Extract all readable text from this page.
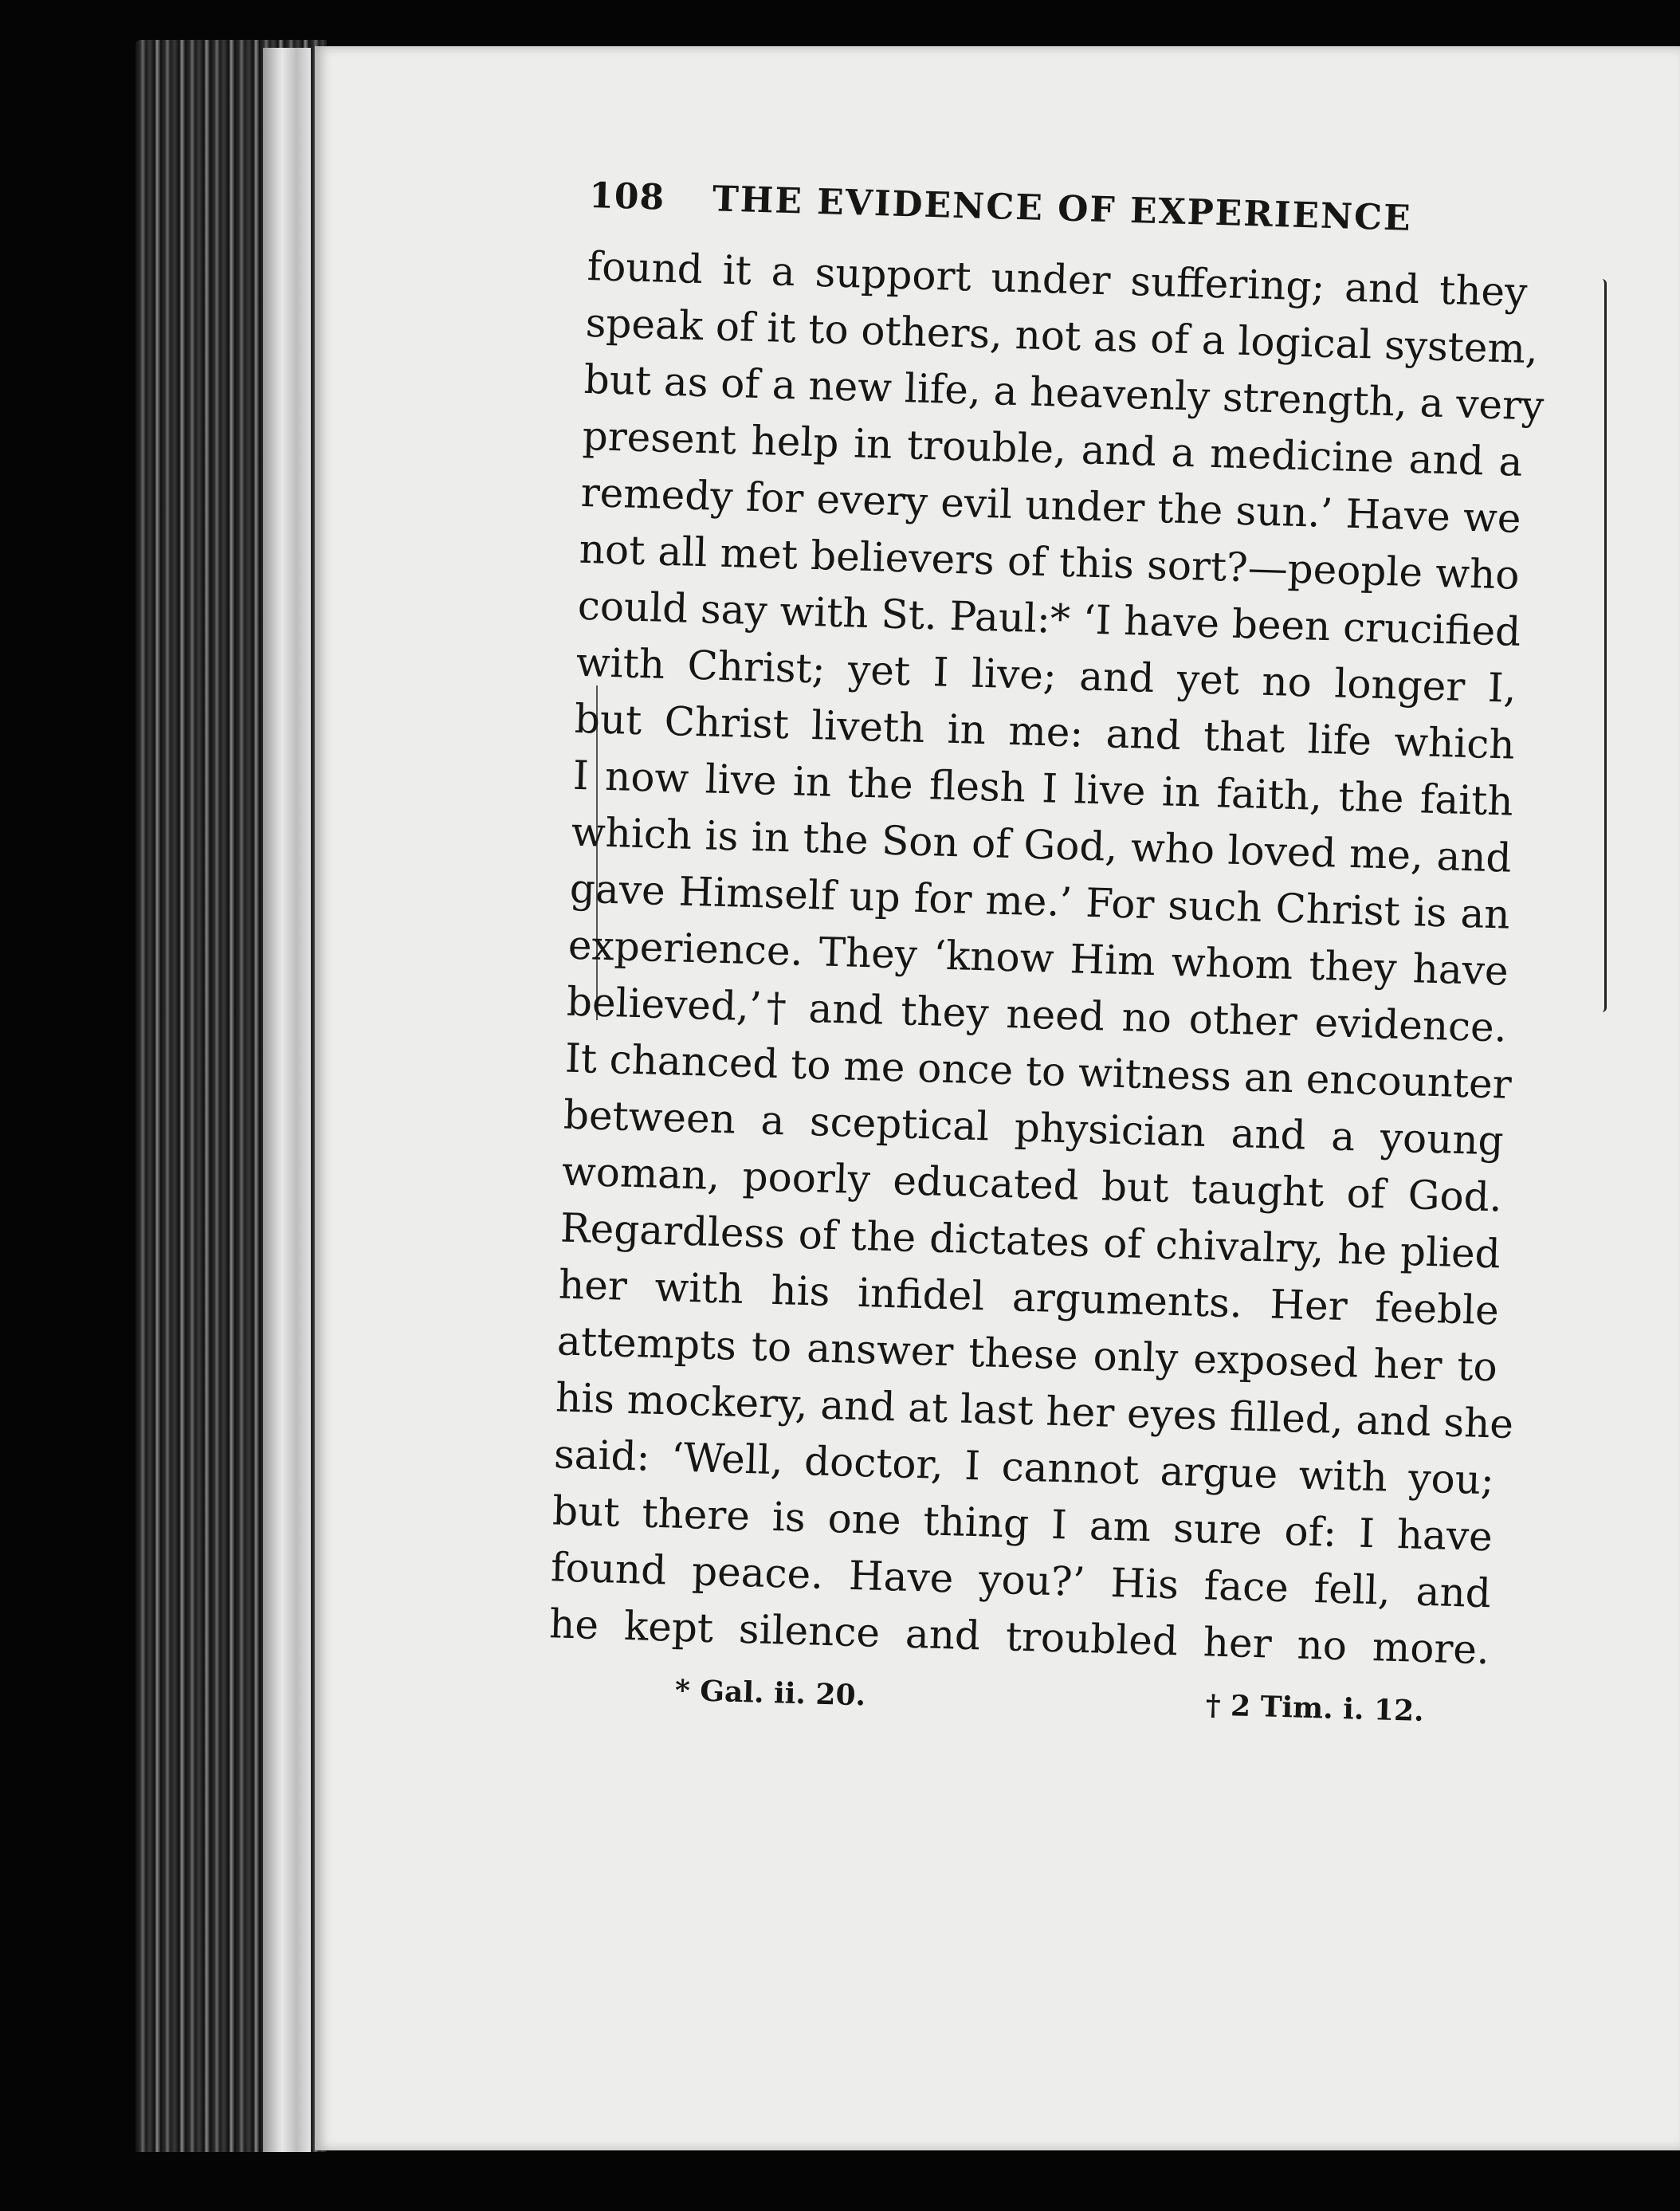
108 THE EVIDENCE OF EXPERIENCE
found it a support under suffering; and they
speak of it to others, not as of a logical system,
but as of a new life, a heavenly strength, a very
present help in trouble, and a medicine and a
remedy for every evil under the sun.’ Have we
not all met believers of this sort?—people who
could say with St. Paul:* ‘I have been crucified
with Christ; yet I live; and yet no longer I,
but Christ liveth in me: and that life which
I now live in the flesh I live in faith, the faith
which is in the Son of God, who loved me, and
gave Himself up for me.’ For such Christ is an
experience. They ‘know Him whom they have
believed,’† and they need no other evidence.
It chanced to me once to witness an encounter
between a sceptical physician and a young
woman, poorly educated but taught of God.
Regardless of the dictates of chivalry, he plied
her with his infidel arguments. Her feeble
attempts to answer these only exposed her to
his mockery, and at last her eyes filled, and she
said: ‘Well, doctor, I cannot argue with you;
but there is one thing I am sure of: I have
found peace. Have you?’ His face fell, and
he kept silence and troubled her no more.
* Gal. ii. 20.	† 2 Tim. i. 12.
